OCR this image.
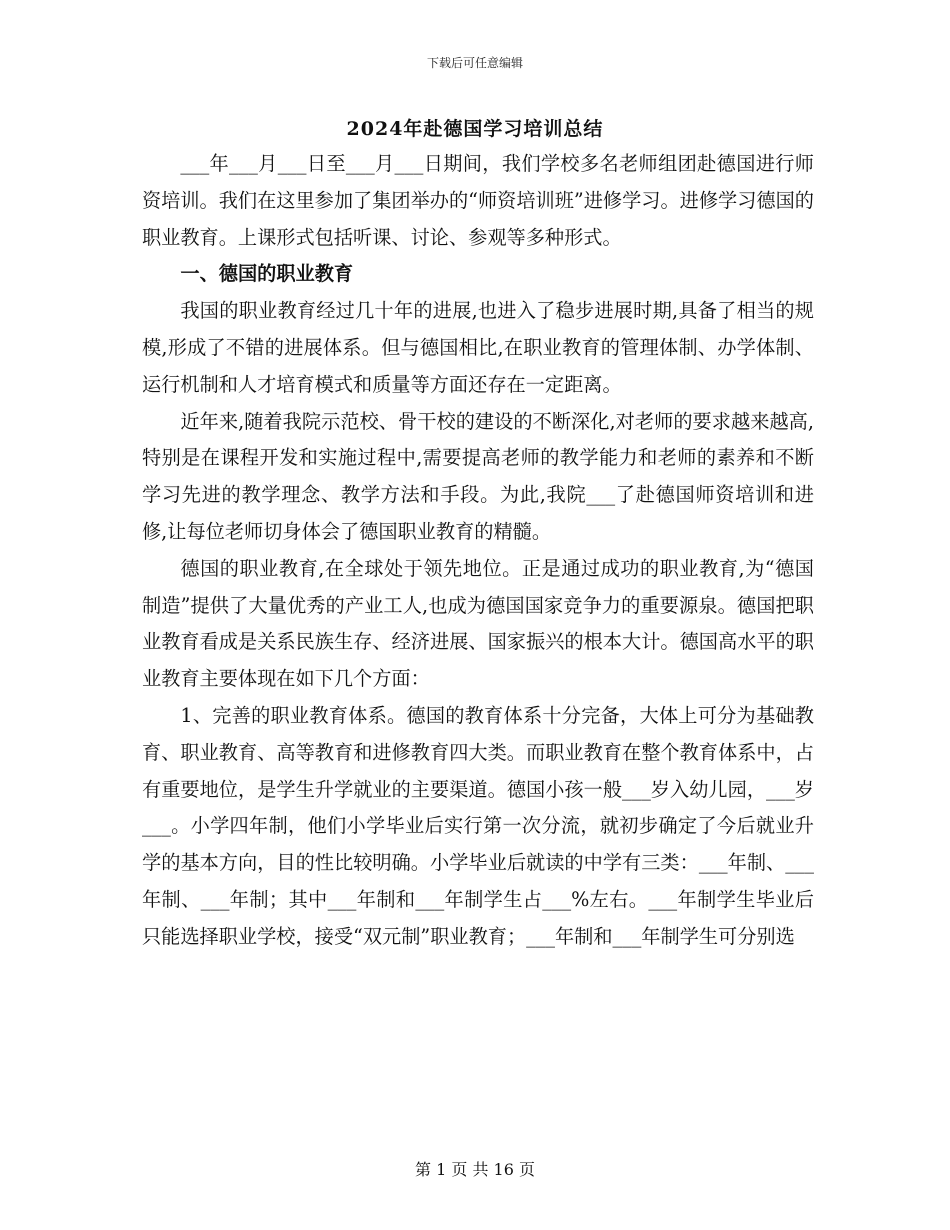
下载后可任意编辑
2024年赴德国学习培训总结

___年___月___日至___月___日期间，我们学校多名老师组团赴德国进行师资培训。我们在这里参加了集团举办的“师资培训班”进修学习。进修学习德国的职业教育。上课形式包括听课、讨论、参观等多种形式。

一、德国的职业教育

我国的职业教育经过几十年的进展,也进入了稳步进展时期,具备了相当的规模,形成了不错的进展体系。但与德国相比,在职业教育的管理体制、办学体制、运行机制和人才培育模式和质量等方面还存在一定距离。

近年来,随着我院示范校、骨干校的建设的不断深化,对老师的要求越来越高,特别是在课程开发和实施过程中,需要提高老师的教学能力和老师的素养和不断学习先进的教学理念、教学方法和手段。为此,我院___了赴德国师资培训和进修,让每位老师切身体会了德国职业教育的精髓。

德国的职业教育,在全球处于领先地位。正是通过成功的职业教育,为“德国制造”提供了大量优秀的产业工人,也成为德国国家竞争力的重要源泉。德国把职业教育看成是关系民族生存、经济进展、国家振兴的根本大计。德国高水平的职业教育主要体现在如下几个方面：

1、完善的职业教育体系。德国的教育体系十分完备，大体上可分为基础教育、职业教育、高等教育和进修教育四大类。而职业教育在整个教育体系中，占有重要地位，是学生升学就业的主要渠道。德国小孩一般___岁入幼儿园，___岁___。小学四年制，他们小学毕业后实行第一次分流，就初步确定了今后就业升学的基本方向，目的性比较明确。小学毕业后就读的中学有三类：___年制、___年制、___年制；其中___年制和___年制学生占___%左右。___年制学生毕业后只能选择职业学校，接受“双元制”职业教育；___年制和___年制学生可分别选

第 1 页 共 16 页
